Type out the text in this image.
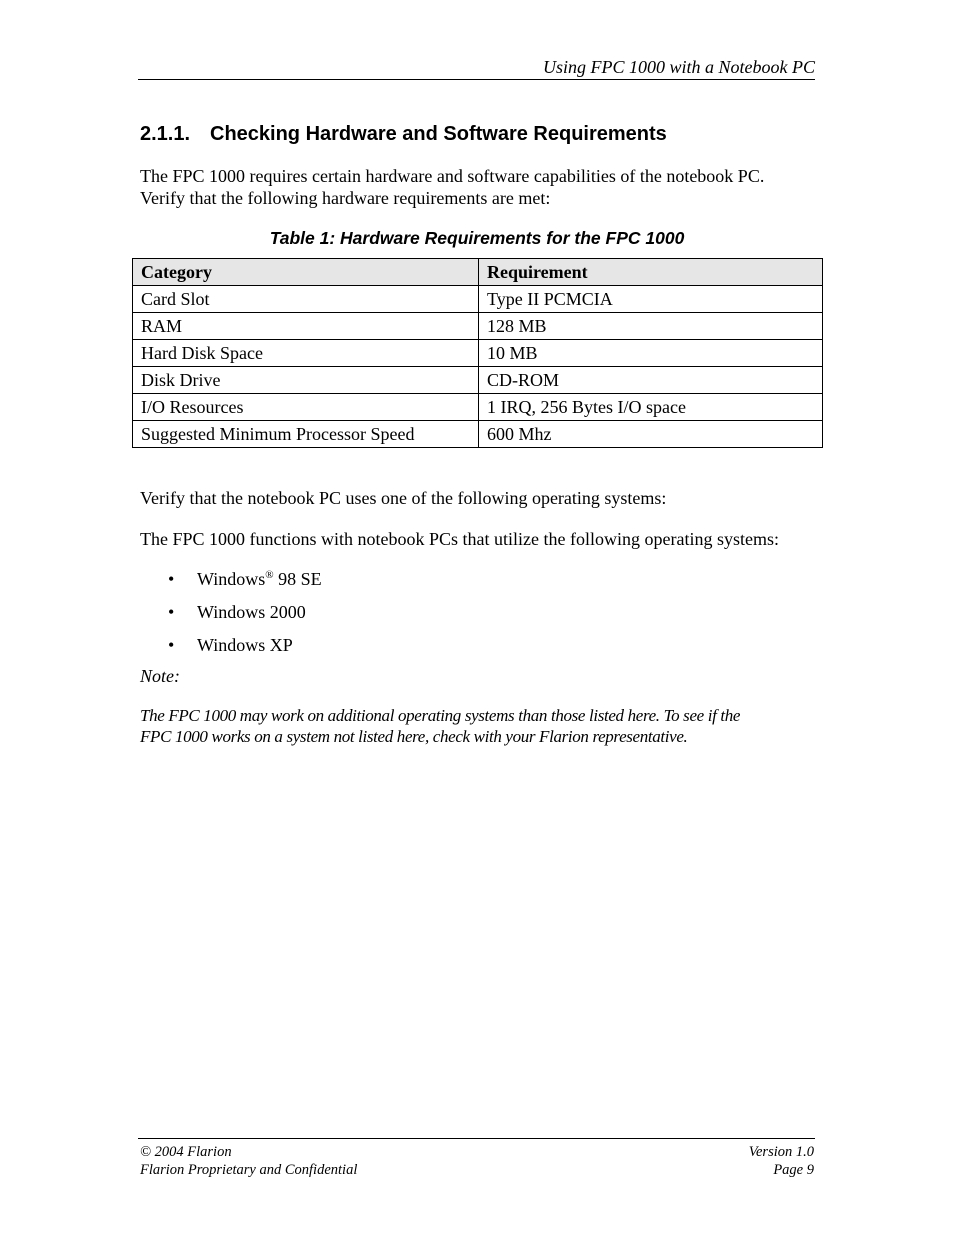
Using FPC 1000 with a Notebook PC
2.1.1. Checking Hardware and Software Requirements
The FPC 1000 requires certain hardware and software capabilities of the notebook PC.
Verify that the following hardware requirements are met:
Table 1: Hardware Requirements for the FPC 1000
Category	Requirement
Card Slot	Type II PCMCIA
RAM	128 MB
Hard Disk Space	10 MB
Disk Drive	CD-ROM
I/O Resources	1 IRQ, 256 Bytes I/O space
Suggested Minimum Processor Speed	600 Mhz
Verify that the notebook PC uses one of the following operating systems:
The FPC 1000 functions with notebook PCs that utilize the following operating systems:
• Windows® 98 SE
• Windows 2000
• Windows XP
Note:
The FPC 1000 may work on additional operating systems than those listed here. To see if the
FPC 1000 works on a system not listed here, check with your Flarion representative.
© 2004 Flarion
Flarion Proprietary and Confidential
Version 1.0
Page 9
